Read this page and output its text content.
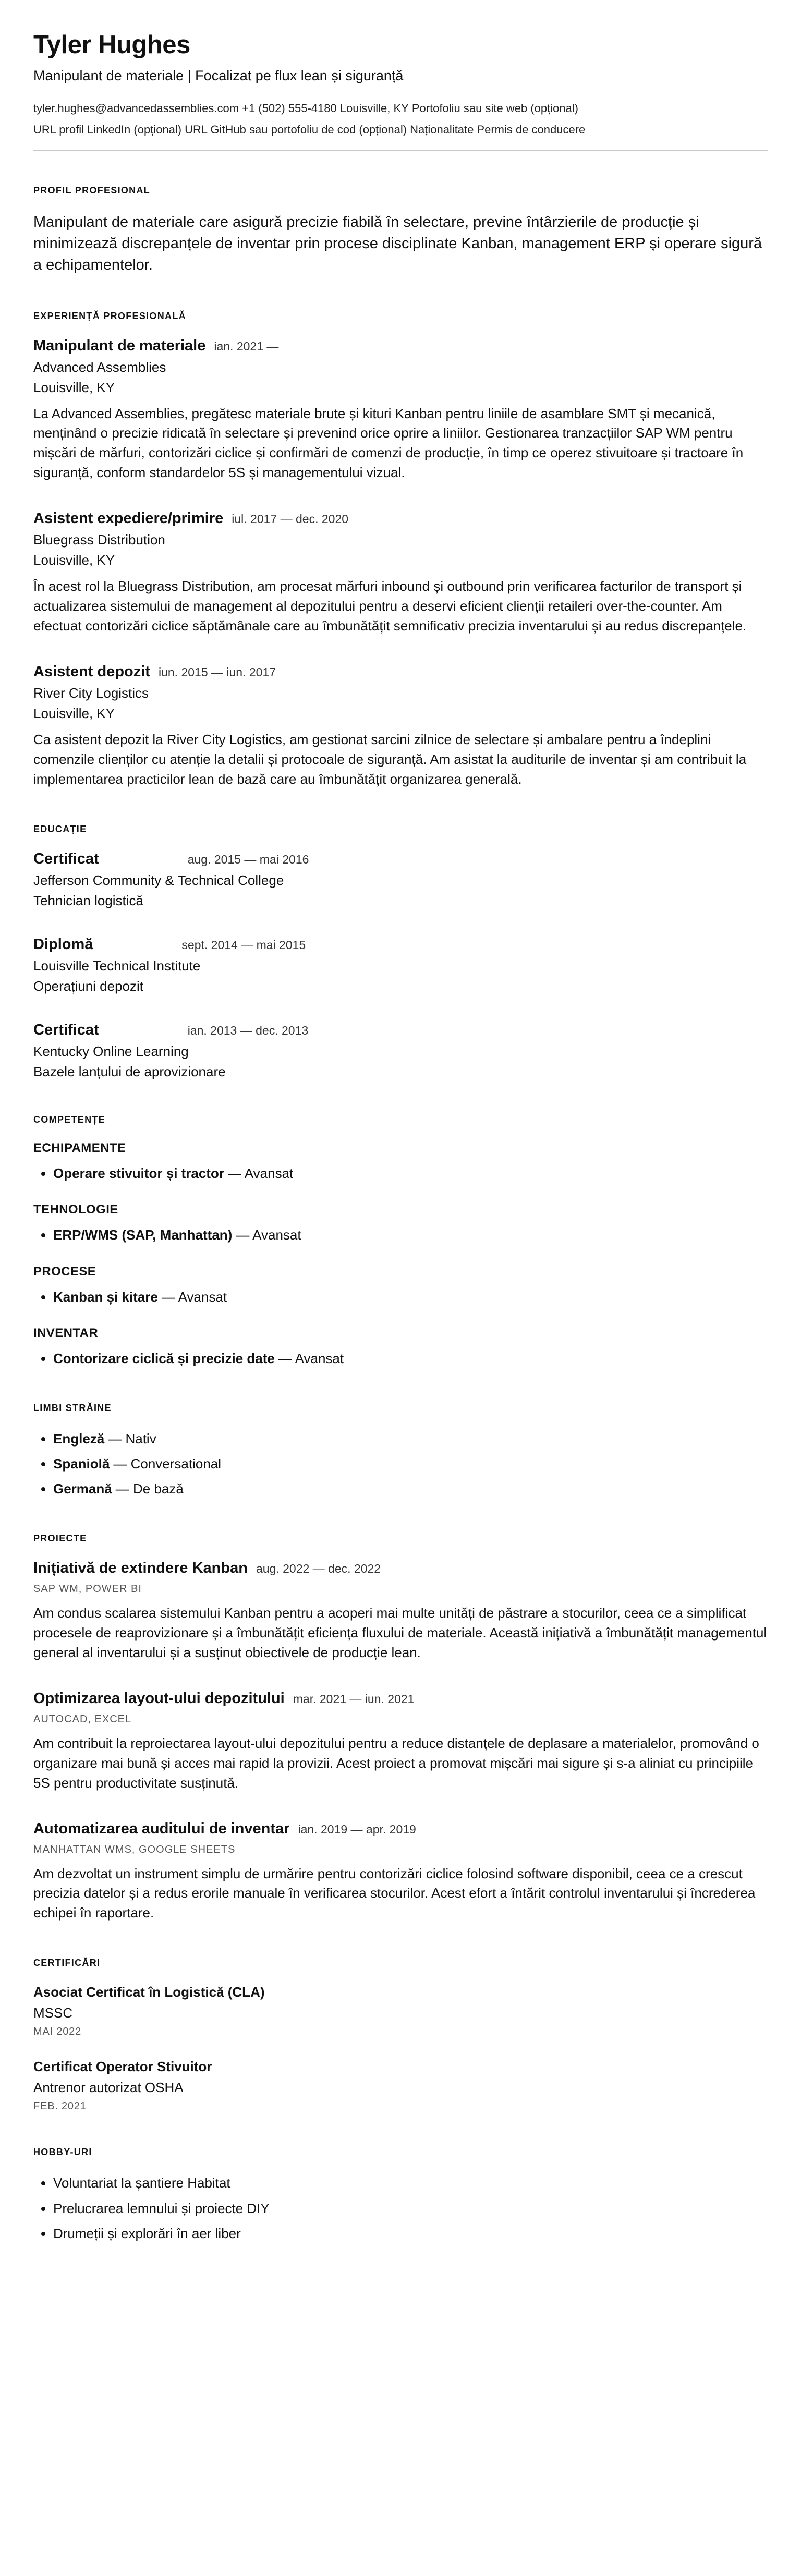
Tyler Hughes

Manipulant de materiale | Focalizat pe flux lean și siguranță

tyler.hughes@advancedassemblies.com +1 (502) 555-4180 Louisville, KY Portofoliu sau site web (opțional)
URL profil LinkedIn (opțional) URL GitHub sau portofoliu de cod (opțional) Naționalitate Permis de conducere
PROFIL PROFESIONAL

Manipulant de materiale care asigură precizie fiabilă în selectare, previne întârzierile de producție și minimizează discrepanțele de inventar prin procese disciplinate Kanban, management ERP și operare sigură a echipamentelor.

EXPERIENȚĂ PROFESIONALĂ
Manipulant de materiale ian. 2021 —
Advanced Assemblies
Louisville, KY

La Advanced Assemblies, pregătesc materiale brute și kituri Kanban pentru liniile de asamblare SMT și mecanică, menținând o precizie ridicată în selectare și prevenind orice oprire a liniilor. Gestionarea tranzacțiilor SAP WM pentru mișcări de mărfuri, contorizări ciclice și confirmări de comenzi de producție, în timp ce operez stivuitoare și tractoare în siguranță, conform standardelor 5S și managementului vizual.

Asistent expediere/primire iul. 2017 — dec. 2020
Bluegrass Distribution
Louisville, KY

În acest rol la Bluegrass Distribution, am procesat mărfuri inbound și outbound prin verificarea facturilor de transport și actualizarea sistemului de management al depozitului pentru a deservi eficient clienții retaileri over-the-counter. Am efectuat contorizări ciclice săptămânale care au îmbunătățit semnificativ precizia inventarului și au redus discrepanțele.

Asistent depozit iun. 2015 — iun. 2017
River City Logistics
Louisville, KY

Ca asistent depozit la River City Logistics, am gestionat sarcini zilnice de selectare și ambalare pentru a îndeplini comenzile clienților cu atenție la detalii și protocoale de siguranță. Am asistat la auditurile de inventar și am contribuit la implementarea practicilor lean de bază care au îmbunătățit organizarea generală.

EDUCAȚIE
Certificat	aug. 2015 — mai 2016
Jefferson Community & Technical College
Tehnician logistică
Diplomă	sept. 2014 — mai 2015
Louisville Technical Institute
Operațiuni depozit
Certificat	ian. 2013 — dec. 2013
Kentucky Online Learning
Bazele lanțului de aprovizionare
COMPETENȚE
ECHIPAMENTE
• Operare stivuitor și tractor — Avansat
TEHNOLOGIE
• ERP/WMS (SAP, Manhattan) — Avansat
PROCESE
• Kanban și kitare — Avansat
INVENTAR
• Contorizare ciclică și precizie date — Avansat
LIMBI STRĂINE
• Engleză — Nativ
• Spaniolă — Conversational
• Germană — De bază
PROIECTE
Inițiativă de extindere Kanban aug. 2022 — dec. 2022
SAP WM, POWER BI

Am condus scalarea sistemului Kanban pentru a acoperi mai multe unități de păstrare a stocurilor, ceea ce a simplificat procesele de reaprovizionare și a îmbunătățit eficiența fluxului de materiale. Această inițiativă a îmbunătățit managementul general al inventarului și a susținut obiectivele de producție lean.

Optimizarea layout-ului depozitului mar. 2021 — iun. 2021
AUTOCAD, EXCEL

Am contribuit la reproiectarea layout-ului depozitului pentru a reduce distanțele de deplasare a materialelor, promovând o organizare mai bună și acces mai rapid la provizii. Acest proiect a promovat mișcări mai sigure și s-a aliniat cu principiile 5S pentru productivitate susținută.

Automatizarea auditului de inventar ian. 2019 — apr. 2019
MANHATTAN WMS, GOOGLE SHEETS

Am dezvoltat un instrument simplu de urmărire pentru contorizări ciclice folosind software disponibil, ceea ce a crescut precizia datelor și a redus erorile manuale în verificarea stocurilor. Acest efort a întărit controlul inventarului și încrederea echipei în raportare.

CERTIFICĂRI
Asociat Certificat în Logistică (CLA)
MSSC
MAI 2022
Certificat Operator Stivuitor
Antrenor autorizat OSHA
FEB. 2021
HOBBY-URI
• Voluntariat la șantiere Habitat
• Prelucrarea lemnului și proiecte DIY
• Drumeții și explorări în aer liber
